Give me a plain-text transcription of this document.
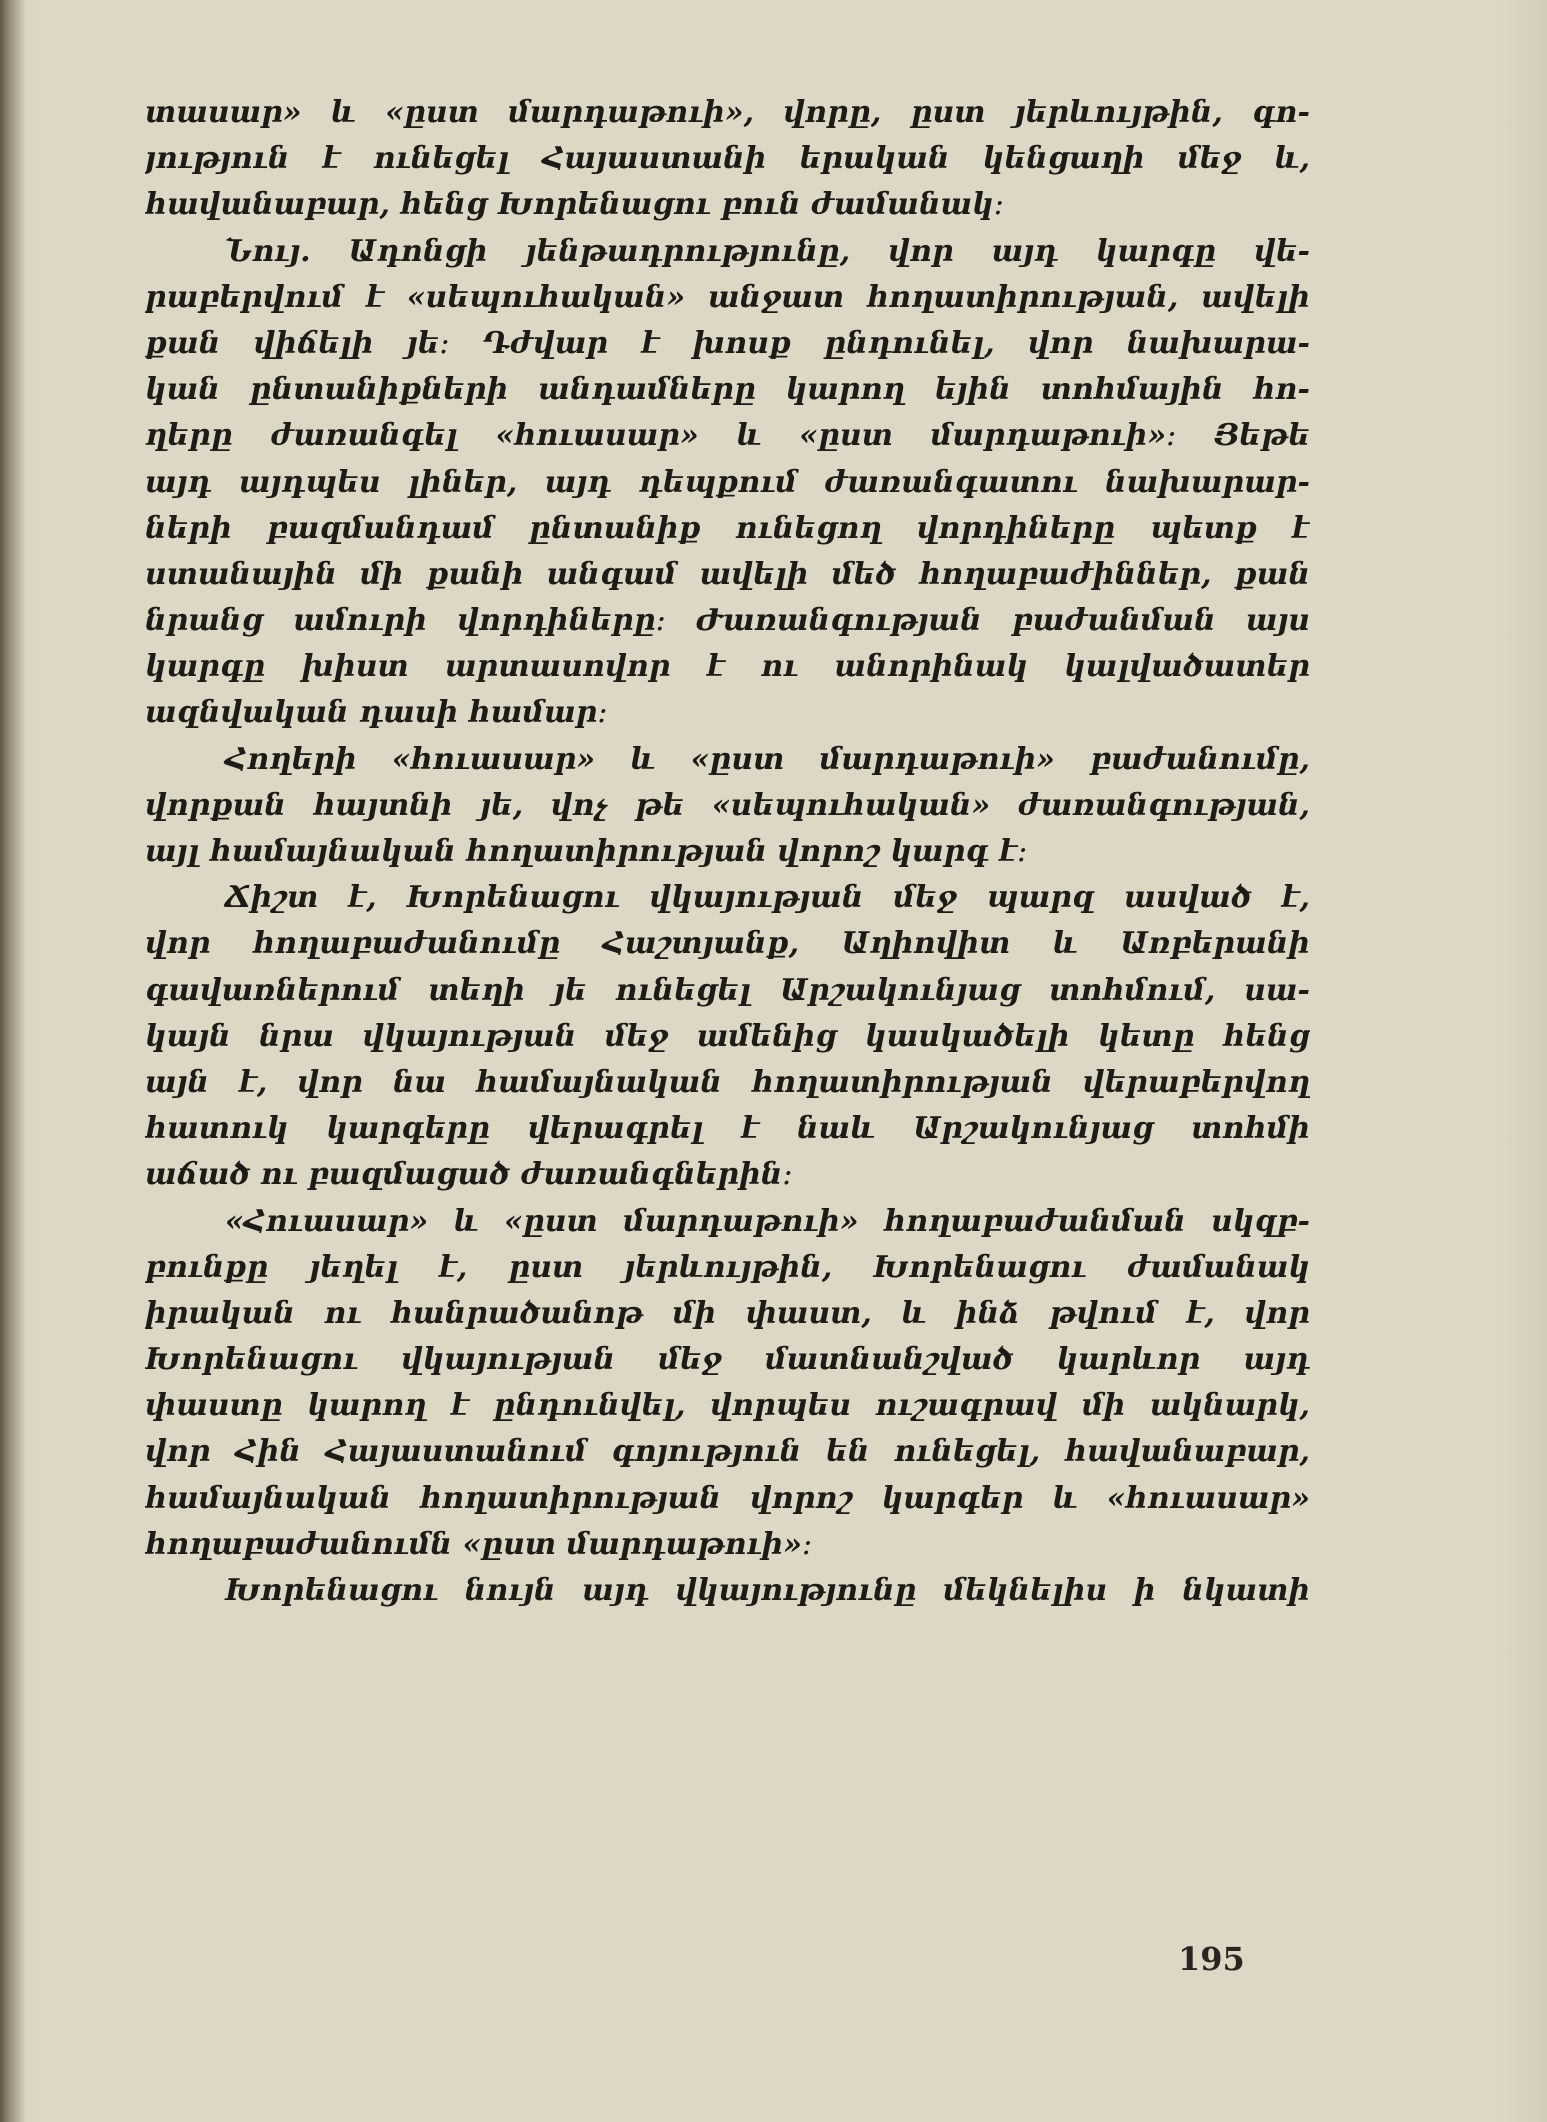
տասար» և «ըստ մարդաթուի», վորը, ըստ յերևույթին, գո-
յություն է ունեցել Հայաստանի երական կենցաղի մեջ և,
հավանաբար, հենց Խորենացու բուն ժամանակ։
Նույ. Ադոնցի յենթադրությունը, վոր այդ կարգը վե-
րաբերվում է «սեպուհական» անջատ հողատիրության, ավելի
քան վիճելի յե։ Դժվար է խոսք ընդունել, վոր նախարա-
կան ընտանիքների անդամները կարող եյին տոհմային հո-
ղերը ժառանգել «հուասար» և «ըստ մարդաթուի»։ Յեթե
այդ այդպես լիներ, այդ դեպքում ժառանգատու նախարար-
ների բազմանդամ ընտանիք ունեցող վորդիները պետք է
ստանային մի քանի անգամ ավելի մեծ հողաբաժիններ, քան
նրանց ամուրի վորդիները։ Ժառանգության բաժանման այս
կարգը խիստ արտասովոր է ու անորինակ կալվածատեր
ազնվական դասի համար։
Հողերի «հուասար» և «ըստ մարդաթուի» բաժանումը,
վորքան հայտնի յե, վոչ թե «սեպուհական» ժառանգության,
այլ համայնական հողատիրության վորոշ կարգ է։
Ճիշտ է, Խորենացու վկայության մեջ պարզ ասված է,
վոր հողաբաժանումը Հաշտյանք, Աղիովիտ և Առբերանի
գավառներում տեղի յե ունեցել Արշակունյաց տոհմում, սա-
կայն նրա վկայության մեջ ամենից կասկածելի կետը հենց
այն է, վոր նա համայնական հողատիրության վերաբերվող
հատուկ կարգերը վերագրել է նաև Արշակունյաց տոհմի
աճած ու բազմացած ժառանգներին։
«Հուասար» և «ըստ մարդաթուի» հողաբաժանման սկզբ-
բունքը յեղել է, ըստ յերևույթին, Խորենացու ժամանակ
իրական ու հանրածանոթ մի փաստ, և ինձ թվում է, վոր
Խորենացու վկայության մեջ մատնանշված կարևոր այդ
փաստը կարող է ընդունվել, վորպես ուշագրավ մի ակնարկ,
վոր Հին Հայաստանում գոյություն են ունեցել, հավանաբար,
համայնական հողատիրության վորոշ կարգեր և «հուասար»
հողաբաժանումն «ըստ մարդաթուի»։
Խորենացու նույն այդ վկայությունը մեկնելիս ի նկատի
195
